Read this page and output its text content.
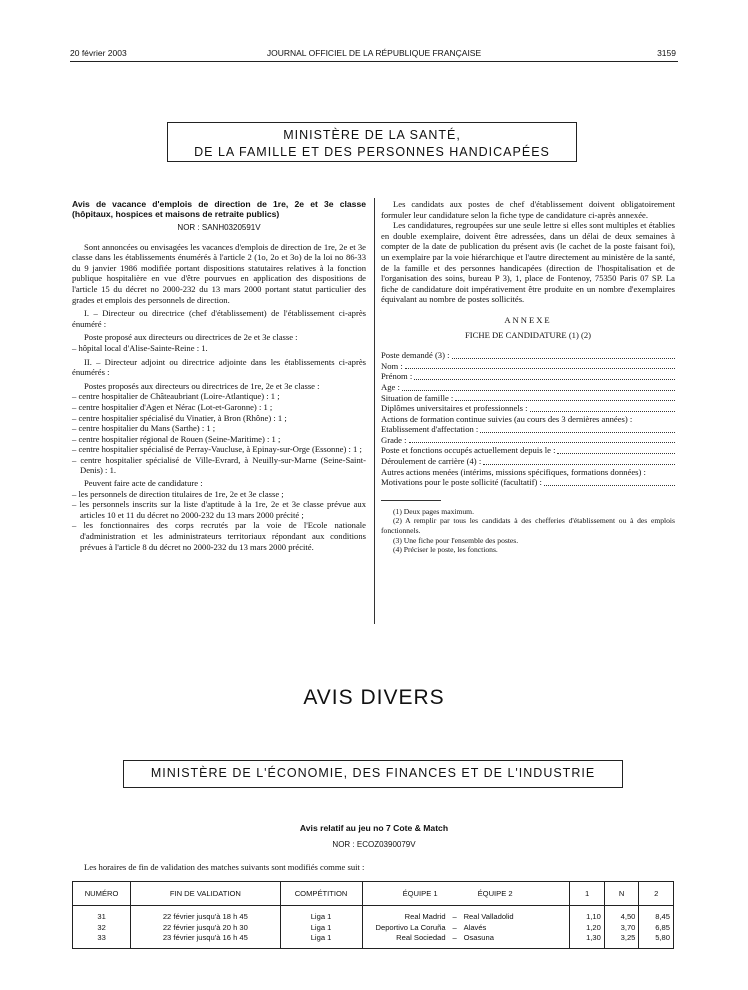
20 février 2003	JOURNAL OFFICIEL DE LA RÉPUBLIQUE FRANÇAISE	3159
MINISTÈRE DE LA SANTÉ,
DE LA FAMILLE ET DES PERSONNES HANDICAPÉES

Avis de vacance d'emplois de direction de 1re, 2e et 3e classe (hôpitaux, hospices et maisons de retraite publics)

NOR : SANH0320591V

Sont annoncées ou envisagées les vacances d'emplois de direction de 1re, 2e et 3e classe dans les établissements énumérés à l'article 2 (1o, 2o et 3o) de la loi no 86-33 du 9 janvier 1986 modifiée portant dispositions statutaires relatives à la fonction publique hospitalière en vue d'être pourvues en application des dispositions de l'article 15 du décret no 2000-232 du 13 mars 2000 portant statut particulier des grades et emplois des personnels de direction.

I. – Directeur ou directrice (chef d'établissement) de l'établissement ci-après énuméré :

Poste proposé aux directeurs ou directrices de 2e et 3e classe :

– hôpital local d'Alise-Sainte-Reine : 1.

II. – Directeur adjoint ou directrice adjointe dans les établissements ci-après énumérés :

Postes proposés aux directeurs ou directrices de 1re, 2e et 3e classe :

– centre hospitalier de Châteaubriant (Loire-Atlantique) : 1 ;

– centre hospitalier d'Agen et Nérac (Lot-et-Garonne) : 1 ;

– centre hospitalier spécialisé du Vinatier, à Bron (Rhône) : 1 ;

– centre hospitalier du Mans (Sarthe) : 1 ;

– centre hospitalier régional de Rouen (Seine-Maritime) : 1 ;

– centre hospitalier spécialisé de Perray-Vaucluse, à Epinay-sur-Orge (Essonne) : 1 ;

– centre hospitalier spécialisé de Ville-Evrard, à Neuilly-sur-Marne (Seine-Saint-Denis) : 1.

Peuvent faire acte de candidature :

– les personnels de direction titulaires de 1re, 2e et 3e classe ;

– les personnels inscrits sur la liste d'aptitude à la 1re, 2e et 3e classe prévue aux articles 10 et 11 du décret no 2000-232 du 13 mars 2000 précité ;

– les fonctionnaires des corps recrutés par la voie de l'Ecole nationale d'administration et les administrateurs territoriaux répondant aux conditions prévues à l'article 8 du décret no 2000-232 du 13 mars 2000 précité.

Les candidats aux postes de chef d'établissement doivent obligatoirement formuler leur candidature selon la fiche type de candidature ci-après annexée.

Les candidatures, regroupées sur une seule lettre si elles sont multiples et établies en double exemplaire, doivent être adressées, dans un délai de deux semaines à compter de la date de publication du présent avis (le cachet de la poste faisant foi), un exemplaire par la voie hiérarchique et l'autre directement au ministère de la santé, de la famille et des personnes handicapées (direction de l'hospitalisation et de l'organisation des soins, bureau P 3), 1, place de Fontenoy, 75350 Paris 07 SP. La fiche de candidature doit impérativement être produite en un nombre d'exemplaires équivalant au nombre de postes sollicités.

ANNEXE

FICHE DE CANDIDATURE (1) (2)

Poste demandé (3) :
Nom :
Prénom :
Age :
Situation de famille :
Diplômes universitaires et professionnels :

Actions de formation continue suivies (au cours des 3 dernières années) :

Etablissement d'affectation :
Grade :
Poste et fonctions occupés actuellement depuis le :
Déroulement de carrière (4) :

Autres actions menées (intérims, missions spécifiques, formations données) :

Motivations pour le poste sollicité (facultatif) :

(1) Deux pages maximum.

(2) A remplir par tous les candidats à des chefferies d'établissement ou à des emplois fonctionnels.

(3) Une fiche pour l'ensemble des postes.

(4) Préciser le poste, les fonctions.

AVIS DIVERS
MINISTÈRE DE L'ÉCONOMIE, DES FINANCES ET DE L'INDUSTRIE
Avis relatif au jeu no 7 Cote & Match
NOR : ECOZ0390079V
Les horaires de fin de validation des matches suivants sont modifiés comme suit :
NUMÉRO	FIN DE VALIDATION	COMPÉTITION	ÉQUIPE 1 ÉQUIPE 2	1	N	2
31	22 février jusqu'à 18 h 45	Liga 1	Real Madrid – Real Valladolid	1,10	4,50	8,45
32	22 février jusqu'à 20 h 30	Liga 1	Deportivo La Coruña – Alavés	1,20	3,70	6,85
33	23 février jusqu'à 16 h 45	Liga 1	Real Sociedad – Osasuna	1,30	3,25	5,80
